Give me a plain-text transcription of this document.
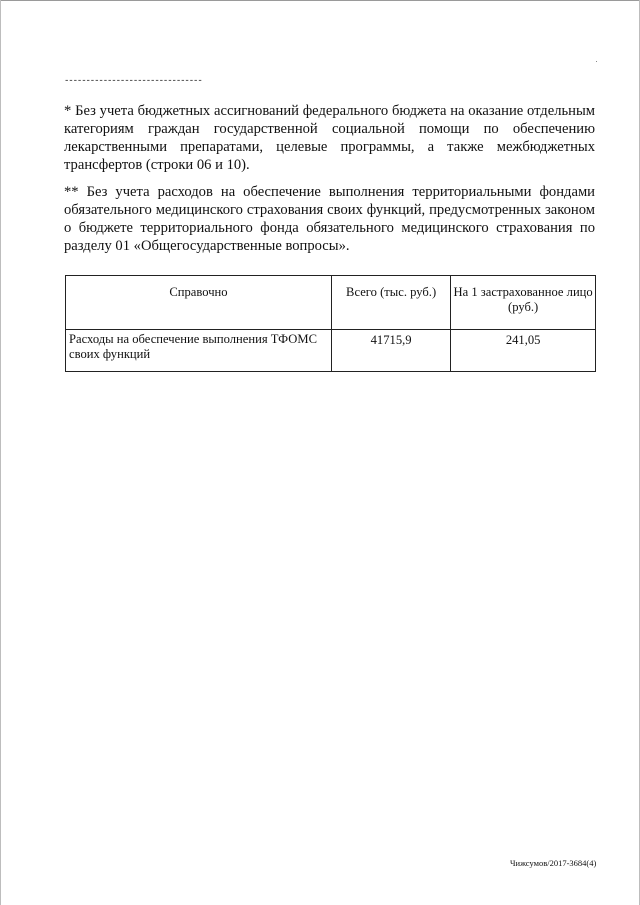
--------------------------------

* Без учета бюджетных ассигнований федерального бюджета на оказание отдельным категориям граждан государственной социальной помощи по обеспечению лекарственными препаратами, целевые программы, а также межбюджетных трансфертов (строки 06 и 10).

** Без учета расходов на обеспечение выполнения территориальными фондами обязательного медицинского страхования своих функций, предусмотренных законом о бюджете территориального фонда обязательного медицинского страхования по разделу 01 «Общегосударственные вопросы».

Справочно	Всего (тыс. руб.)	На 1 застрахованное лицо (руб.)
Расходы на обеспечение выполнения ТФОМС своих функций	41715,9	241,05
Чижсумов/2017-3684(4)
